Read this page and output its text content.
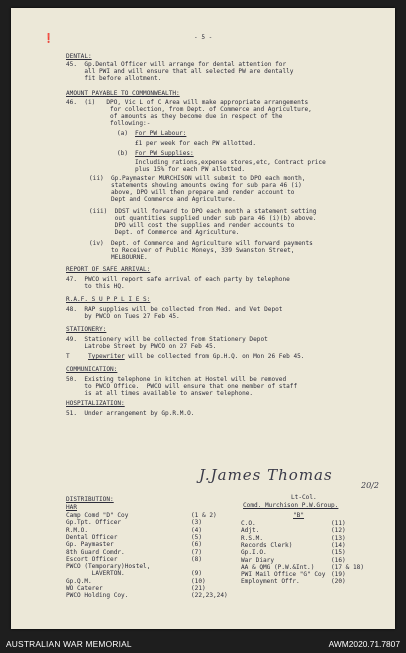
❗	- 5 -
DENTAL:
45.  Gp.Dental Officer will arrange for dental attention for
all PWI and will ensure that all selected PW are dentally
fit before allotment.
AMOUNT PAYABLE TO COMMONWEALTH:
46.  (i)   DPO, Vic L of C Area will make appropriate arrangements
for collection, from Dept. of Commerce and Agriculture,
of amounts as they become due in respect of the
following:-
(a) For PW Labour:
£1 per week for each PW allotted.
(b) For PW Supplies:
Including rations,expense stores,etc, Contract price
plus 15% for each PW allotted.
(ii)  Gp.Paymaster MURCHISON will submit to DPO each month,
statements showing amounts owing for sub para 46 (i)
above, DPO will then prepare and render account to
Dept and Commerce and Agriculture.
(iii)  DDST will forward to DPO each month a statement setting
out quantities supplied under sub para 46 (i)(b) above.
DPO will cost the supplies and render accounts to
Dept. of Commerce and Agriculture.
(iv)  Dept. of Commerce and Agriculture will forward payments
to Receiver of Public Moneys, 339 Swanston Street,
MELBOURNE.
REPORT OF SAFE ARRIVAL:
47.  PWCO will report safe arrival of each party by telephone
to this HQ.
R.A.F. S U P P L I E S:
48.  RAP supplies will be collected from Med. and Vet Depot
by PWCO on Tues 27 Feb 45.
STATIONERY:
49.  Stationery will be collected from Stationery Depot
Latrobe Street by PWCO on 27 Feb 45.
T	Typewriter will be collected from Gp.H.Q. on Mon 26 Feb 45.
COMMUNICATION:
50.  Existing telephone in kitchen at Hostel will be removed
to PWCO Office.  PWCO will ensure that one member of staff
is at all times available to answer telephone.
HOSPITALIZATION:
51.  Under arrangement by Gp.R.M.O.
J.James Thomas
20/2
Lt-Col.
Comd. Murchison P.W.Group.
DISTRIBUTION:
HAR
"B"
Camp Comd "D" Coy	(1 & 2)
Gp.Tpt. Officer	(3)
R.M.O.	(4)
Dental Officer	(5)
Gp. Paymaster	(6)
8th Guard Comdr.	(7)
Escort Officer	(8)
PWCO (Temporary)Hostel,
LAVERTON.	(9)
Gp.Q.M.	(10)
WO Caterer	(21)
PWCO Holding Coy.	(22,23,24)
C.O.	(11)
Adjt.	(12)
R.S.M.	(13)
Records Clerk)	(14)
Gp.I.O.	(15)
War Diary	(16)
AA & QMG (P.W.&Int.)	(17 & 18)
PWI Mail Office "G" Coy (19)
Employment Offr.	(20)
AUSTRALIAN WAR MEMORIAL	AWM2020.71.7807
